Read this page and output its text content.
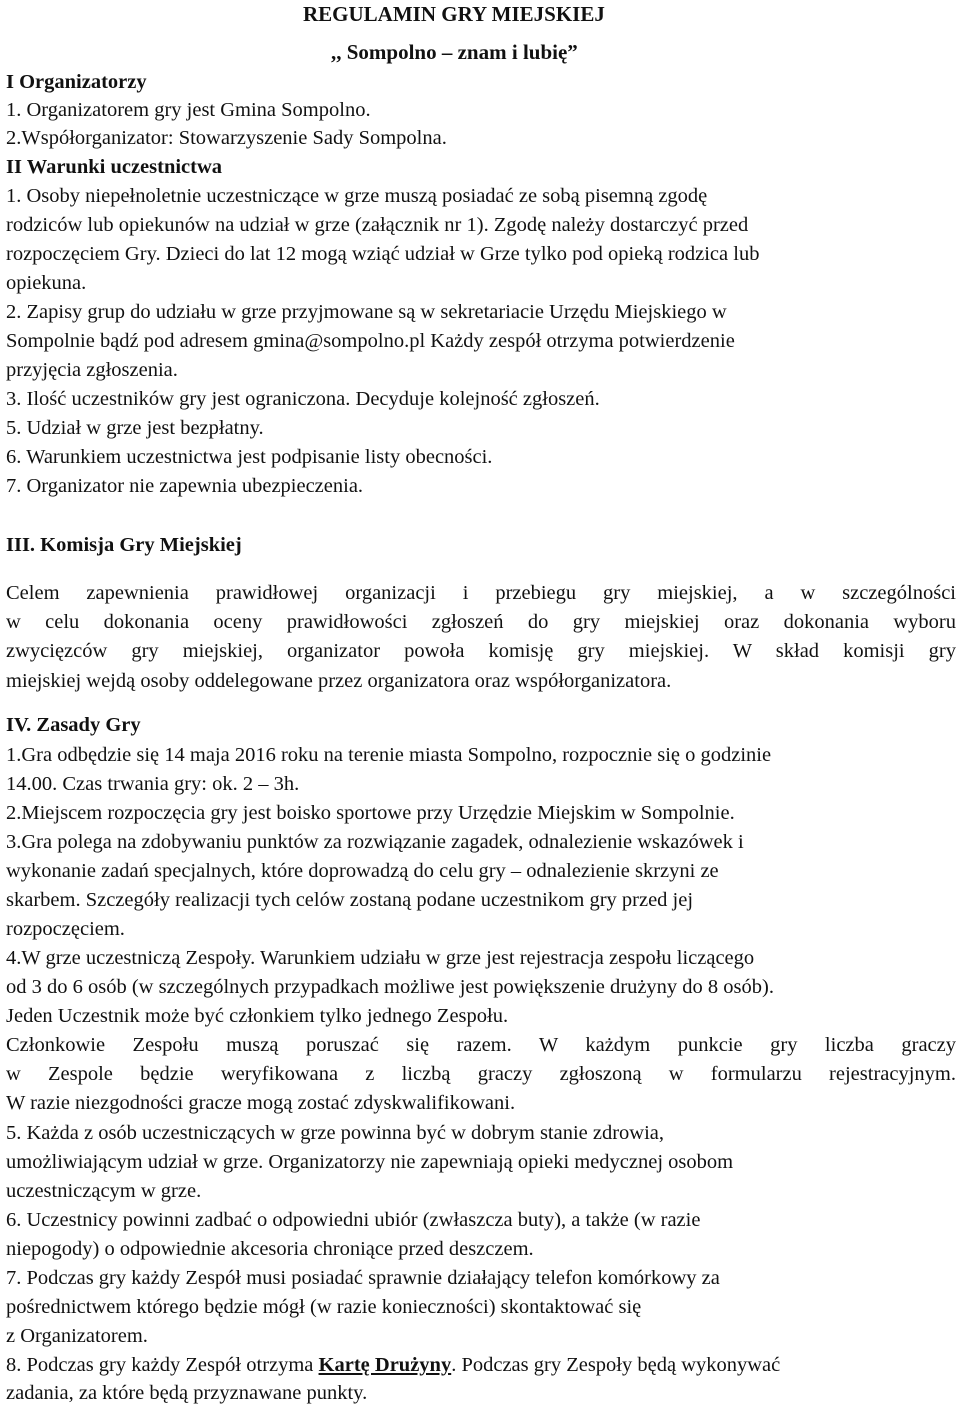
REGULAMIN GRY MIEJSKIEJ
,, Sompolno – znam i lubię”
I Organizatorzy
1. Organizatorem gry jest Gmina Sompolno.
2.Współorganizator: Stowarzyszenie Sady Sompolna.
II Warunki uczestnictwa
1. Osoby niepełnoletnie uczestniczące w grze muszą posiadać ze sobą pisemną zgodę
rodziców lub opiekunów na udział w grze (załącznik nr 1). Zgodę należy dostarczyć przed
rozpoczęciem Gry. Dzieci do lat 12 mogą wziąć udział w Grze tylko pod opieką rodzica lub
opiekuna.
2. Zapisy grup do udziału w grze przyjmowane są w sekretariacie Urzędu Miejskiego w
Sompolnie bądź pod adresem gmina@sompolno.pl Każdy zespół otrzyma potwierdzenie
przyjęcia zgłoszenia.
3. Ilość uczestników gry jest ograniczona. Decyduje kolejność zgłoszeń.
5. Udział w grze jest bezpłatny.
6. Warunkiem uczestnictwa jest podpisanie listy obecności.
7. Organizator nie zapewnia ubezpieczenia.
III. Komisja Gry Miejskiej
Celem zapewnienia prawidłowej organizacji i przebiegu gry miejskiej, a w szczególności
w celu dokonania oceny prawidłowości zgłoszeń do gry miejskiej oraz dokonania wyboru
zwycięzców gry miejskiej, organizator powoła komisję gry miejskiej. W skład komisji gry
miejskiej wejdą osoby oddelegowane przez organizatora oraz współorganizatora.
IV. Zasady Gry
1.Gra odbędzie się 14 maja 2016 roku na terenie miasta Sompolno, rozpocznie się o godzinie
14.00. Czas trwania gry: ok. 2 – 3h.
2.Miejscem rozpoczęcia gry jest boisko sportowe przy Urzędzie Miejskim w Sompolnie.
3.Gra polega na zdobywaniu punktów za rozwiązanie zagadek, odnalezienie wskazówek i
wykonanie zadań specjalnych, które doprowadzą do celu gry – odnalezienie skrzyni ze
skarbem. Szczegóły realizacji tych celów zostaną podane uczestnikom gry przed jej
rozpoczęciem.
4.W grze uczestniczą Zespoły. Warunkiem udziału w grze jest rejestracja zespołu liczącego
od 3 do 6 osób (w szczególnych przypadkach możliwe jest powiększenie drużyny do 8 osób).
Jeden Uczestnik może być członkiem tylko jednego Zespołu.
Członkowie Zespołu muszą poruszać się razem. W każdym punkcie gry liczba graczy
w Zespole będzie weryfikowana z liczbą graczy zgłoszoną w formularzu rejestracyjnym.
W razie niezgodności gracze mogą zostać zdyskwalifikowani.
5. Każda z osób uczestniczących w grze powinna być w dobrym stanie zdrowia,
umożliwiającym udział w grze. Organizatorzy nie zapewniają opieki medycznej osobom
uczestniczącym w grze.
6. Uczestnicy powinni zadbać o odpowiedni ubiór (zwłaszcza buty), a także (w razie
niepogody) o odpowiednie akcesoria chroniące przed deszczem.
7. Podczas gry każdy Zespół musi posiadać sprawnie działający telefon komórkowy za
pośrednictwem którego będzie mógł (w razie konieczności) skontaktować się
z Organizatorem.
8. Podczas gry każdy Zespół otrzyma Kartę Drużyny. Podczas gry Zespoły będą wykonywać
zadania, za które będą przyznawane punkty.
